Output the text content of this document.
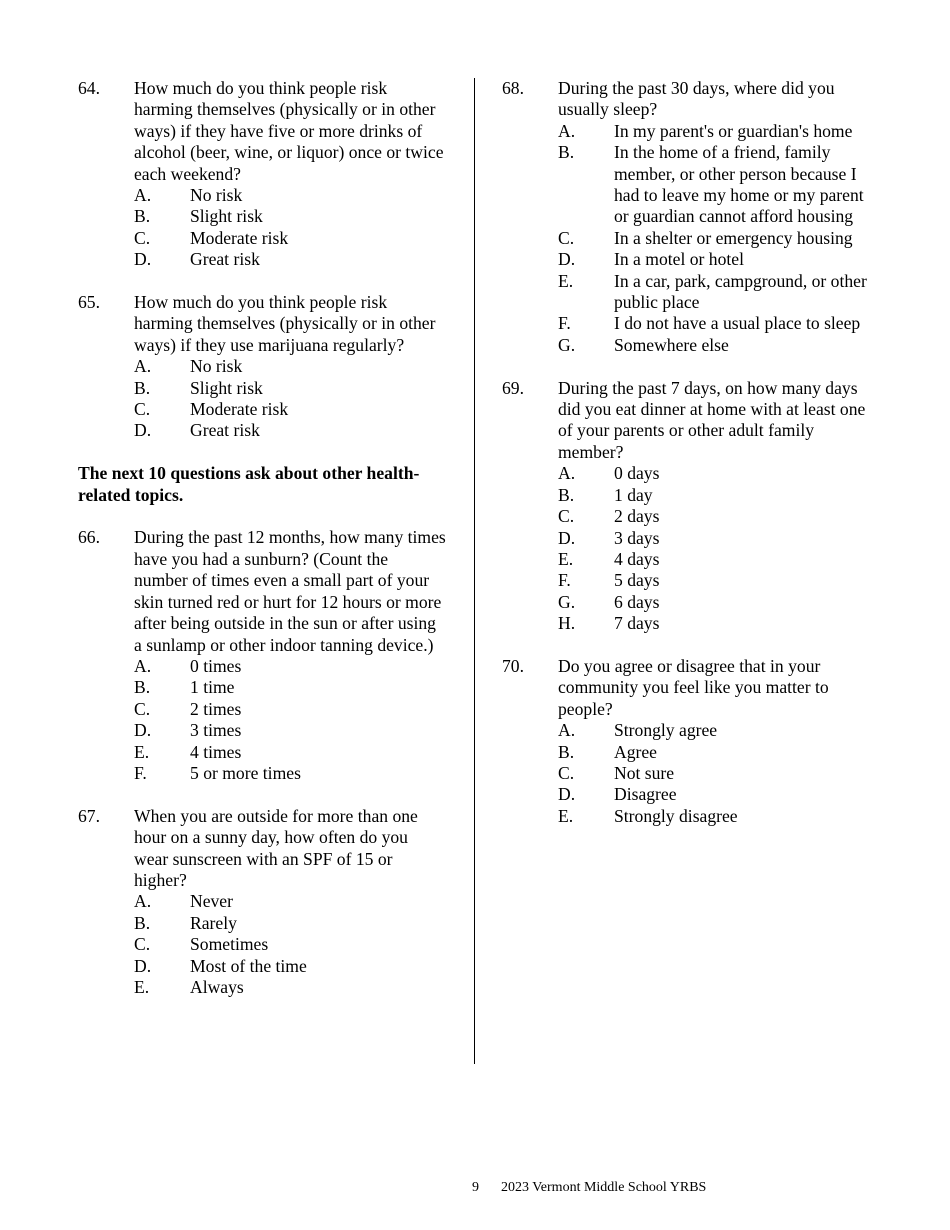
64. How much do you think people risk harming themselves (physically or in other ways) if they have five or more drinks of alcohol (beer, wine, or liquor) once or twice each weekend?
A. No risk
B. Slight risk
C. Moderate risk
D. Great risk
65. How much do you think people risk harming themselves (physically or in other ways) if they use marijuana regularly?
A. No risk
B. Slight risk
C. Moderate risk
D. Great risk
The next 10 questions ask about other health-related topics.
66. During the past 12 months, how many times have you had a sunburn? (Count the number of times even a small part of your skin turned red or hurt for 12 hours or more after being outside in the sun or after using a sunlamp or other indoor tanning device.)
A. 0 times
B. 1 time
C. 2 times
D. 3 times
E. 4 times
F. 5 or more times
67. When you are outside for more than one hour on a sunny day, how often do you wear sunscreen with an SPF of 15 or higher?
A. Never
B. Rarely
C. Sometimes
D. Most of the time
E. Always
68. During the past 30 days, where did you usually sleep?
A. In my parent's or guardian's home
B. In the home of a friend, family member, or other person because I had to leave my home or my parent or guardian cannot afford housing
C. In a shelter or emergency housing
D. In a motel or hotel
E. In a car, park, campground, or other public place
F. I do not have a usual place to sleep
G. Somewhere else
69. During the past 7 days, on how many days did you eat dinner at home with at least one of your parents or other adult family member?
A. 0 days
B. 1 day
C. 2 days
D. 3 days
E. 4 days
F. 5 days
G. 6 days
H. 7 days
70. Do you agree or disagree that in your community you feel like you matter to people?
A. Strongly agree
B. Agree
C. Not sure
D. Disagree
E. Strongly disagree
9 2023 Vermont Middle School YRBS
